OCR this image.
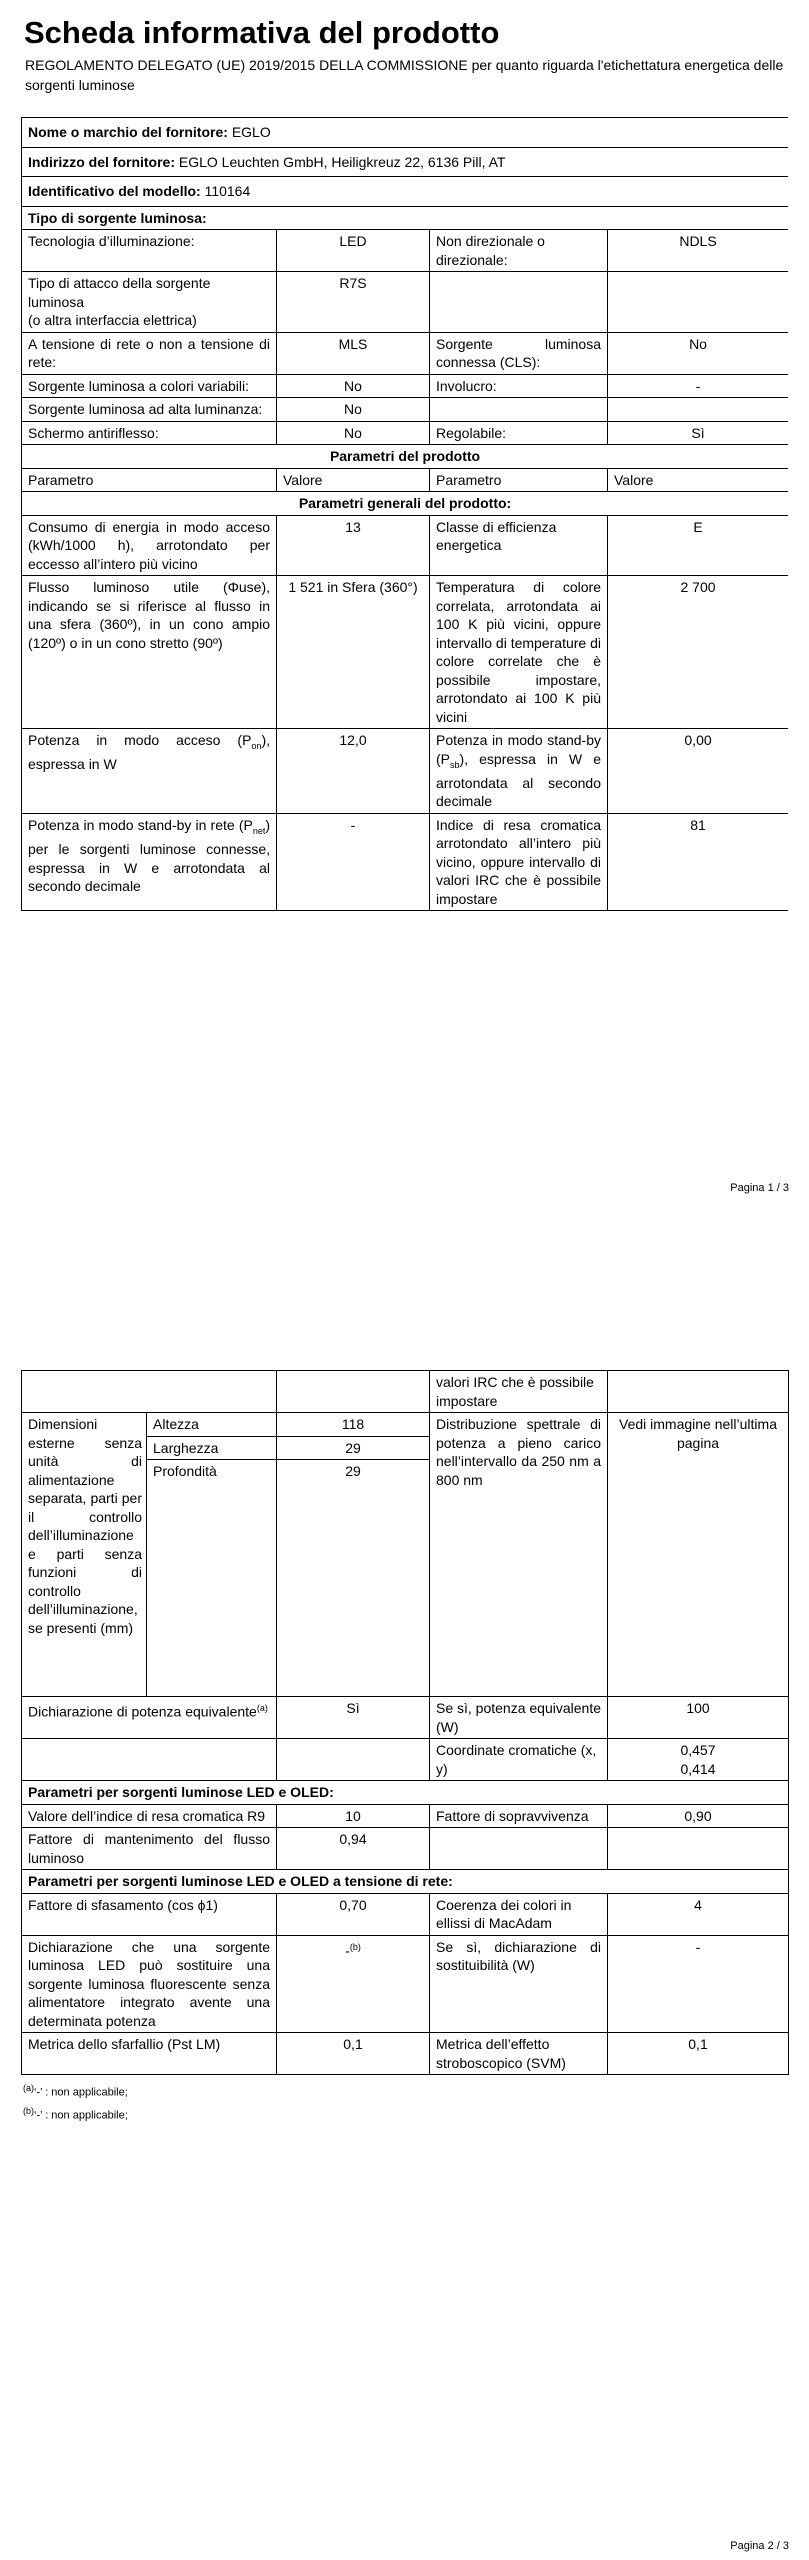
Scheda informativa del prodotto
REGOLAMENTO DELEGATO (UE) 2019/2015 DELLA COMMISSIONE per quanto riguarda l'etichettatura energetica delle sorgenti luminose
Nome o marchio del fornitore: EGLO			
Indirizzo del fornitore: EGLO Leuchten GmbH, Heiligkreuz 22, 6136 Pill, AT			
Identificativo del modello: 110164			
Tipo di sorgente luminosa:			
Tecnologia d’illuminazione:	LED	Non direzionale o direzionale:	NDLS
Tipo di attacco della sorgente luminosa
(o altra interfaccia elettrica)	R7S		
A tensione di rete o non a tensione di rete:	MLS	Sorgente luminosa connessa (CLS):	No
Sorgente luminosa a colori variabili:	No	Involucro:	-
Sorgente luminosa ad alta luminanza:	No		
Schermo antiriflesso:	No	Regolabile:	Sì
Parametri del prodotto			
Parametro	Valore	Parametro	Valore
Parametri generali del prodotto:			
Consumo di energia in modo acceso (kWh/1000 h), arrotondato per eccesso all’intero più vicino	13	Classe di efficienza energetica	E
Flusso luminoso utile (Φuse), indicando se si riferisce al flusso in una sfera (360º), in un cono ampio (120º) o in un cono stretto (90º)	1 521 in Sfera (360°)	Temperatura di colore correlata, arrotondata ai 100 K più vicini, oppure intervallo di temperature di colore correlate che è possibile impostare, arrotondato ai 100 K più vicini	2 700
Potenza in modo acceso $(P_{on})$, espressa in W	12,0	Potenza in modo stand-by $(P_{sb})$, espressa in W e arrotondata al secondo decimale	0,00
Potenza in modo stand-by in rete $(P_{net})$ per le sorgenti luminose connesse, espressa in W e arrotondata al secondo decimale	-	Indice di resa cromatica arrotondato all’intero più vicino, oppure intervallo di valori IRC che è possibile impostare	81
Pagina 1 / 3
			valori IRC che è possibile impostare	
Dimensioni esterne senza unità di alimentazione separata, parti per il controllo dell’illuminazione e parti senza funzioni di controllo dell’illuminazione, se presenti (mm)	Altezza	118	Distribuzione spettrale di potenza a pieno carico nell’intervallo da 250 nm a 800 nm	Vedi immagine nell’ultima pagina
	Larghezza	29		
	Profondità	29		
Dichiarazione di potenza equivalente$^{(a)}$		Sì	Se sì, potenza equivalente (W)	100
			Coordinate cromatiche (x, y)	0,457
0,414
Parametri per sorgenti luminose LED e OLED:				
Valore dell’indice di resa cromatica R9		10	Fattore di sopravvivenza	0,90
Fattore di mantenimento del flusso luminoso		0,94		
Parametri per sorgenti luminose LED e OLED a tensione di rete:				
Fattore di sfasamento (cos ϕ1)		0,70	Coerenza dei colori in ellissi di MacAdam	4
Dichiarazione che una sorgente luminosa LED può sostituire una sorgente luminosa fluorescente senza alimentatore integrato avente una determinata potenza		-$^{(b)}$	Se sì, dichiarazione di sostituibilità (W)	-
Metrica dello sfarfallio (Pst LM)		0,1	Metrica dell’effetto stroboscopico (SVM)	0,1
$^{(a)}$‘-’ : non applicabile;
$^{(b)}$‘-’ : non applicabile;
Pagina 2 / 3
